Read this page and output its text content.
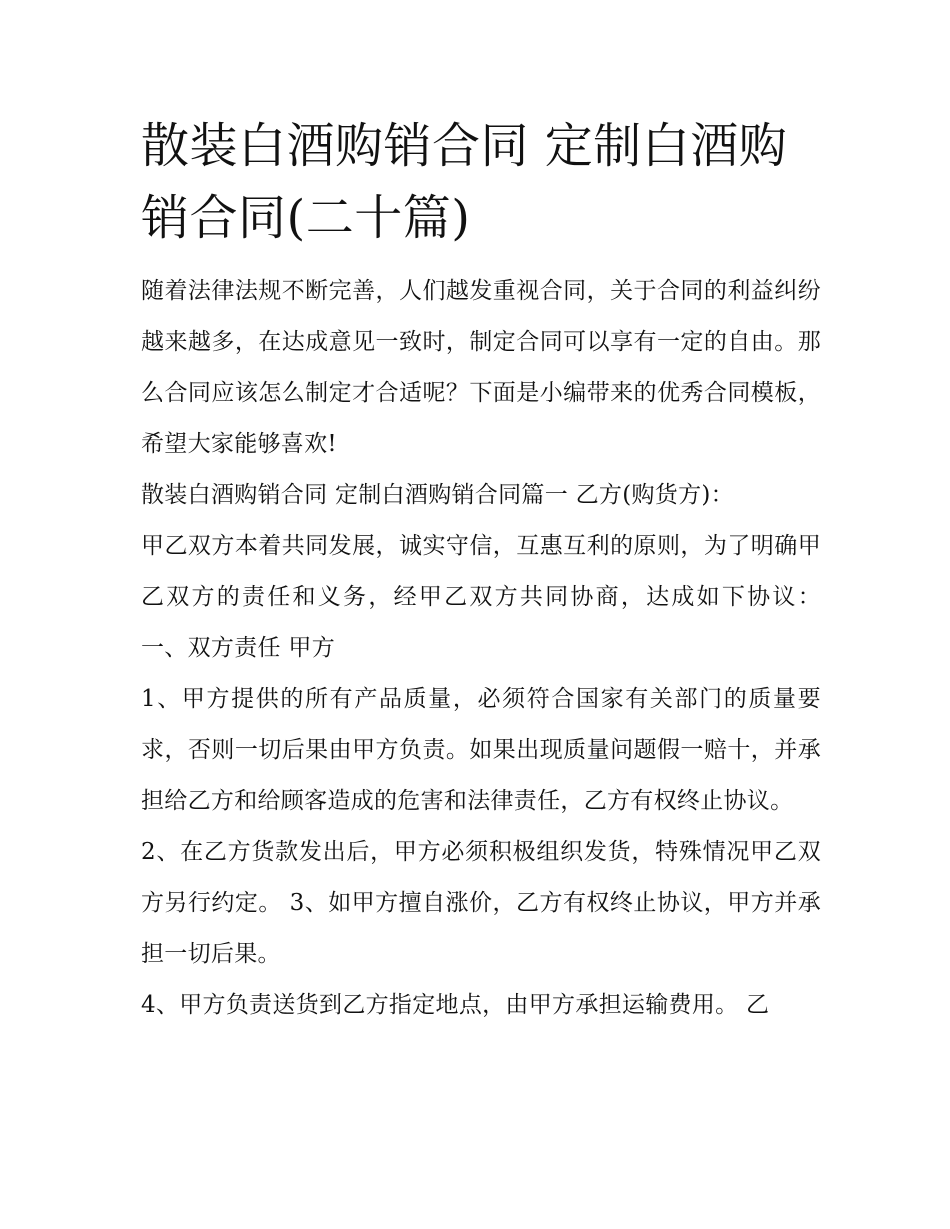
散装白酒购销合同 定制白酒购销合同(二十篇)

随着法律法规不断完善，人们越发重视合同，关于合同的利益纠纷越来越多，在达成意见一致时，制定合同可以享有一定的自由。那么合同应该怎么制定才合适呢？下面是小编带来的优秀合同模板，希望大家能够喜欢!

散装白酒购销合同 定制白酒购销合同篇一 乙方(购货方)：

甲乙双方本着共同发展，诚实守信，互惠互利的原则，为了明确甲乙双方的责任和义务，经甲乙双方共同协商，达成如下协议： 一、双方责任 甲方

1、甲方提供的所有产品质量，必须符合国家有关部门的质量要求，否则一切后果由甲方负责。如果出现质量问题假一赔十，并承担给乙方和给顾客造成的危害和法律责任，乙方有权终止协议。

2、在乙方货款发出后，甲方必须积极组织发货，特殊情况甲乙双方另行约定。 3、如甲方擅自涨价，乙方有权终止协议，甲方并承担一切后果。

4、甲方负责送货到乙方指定地点，由甲方承担运输费用。 乙
